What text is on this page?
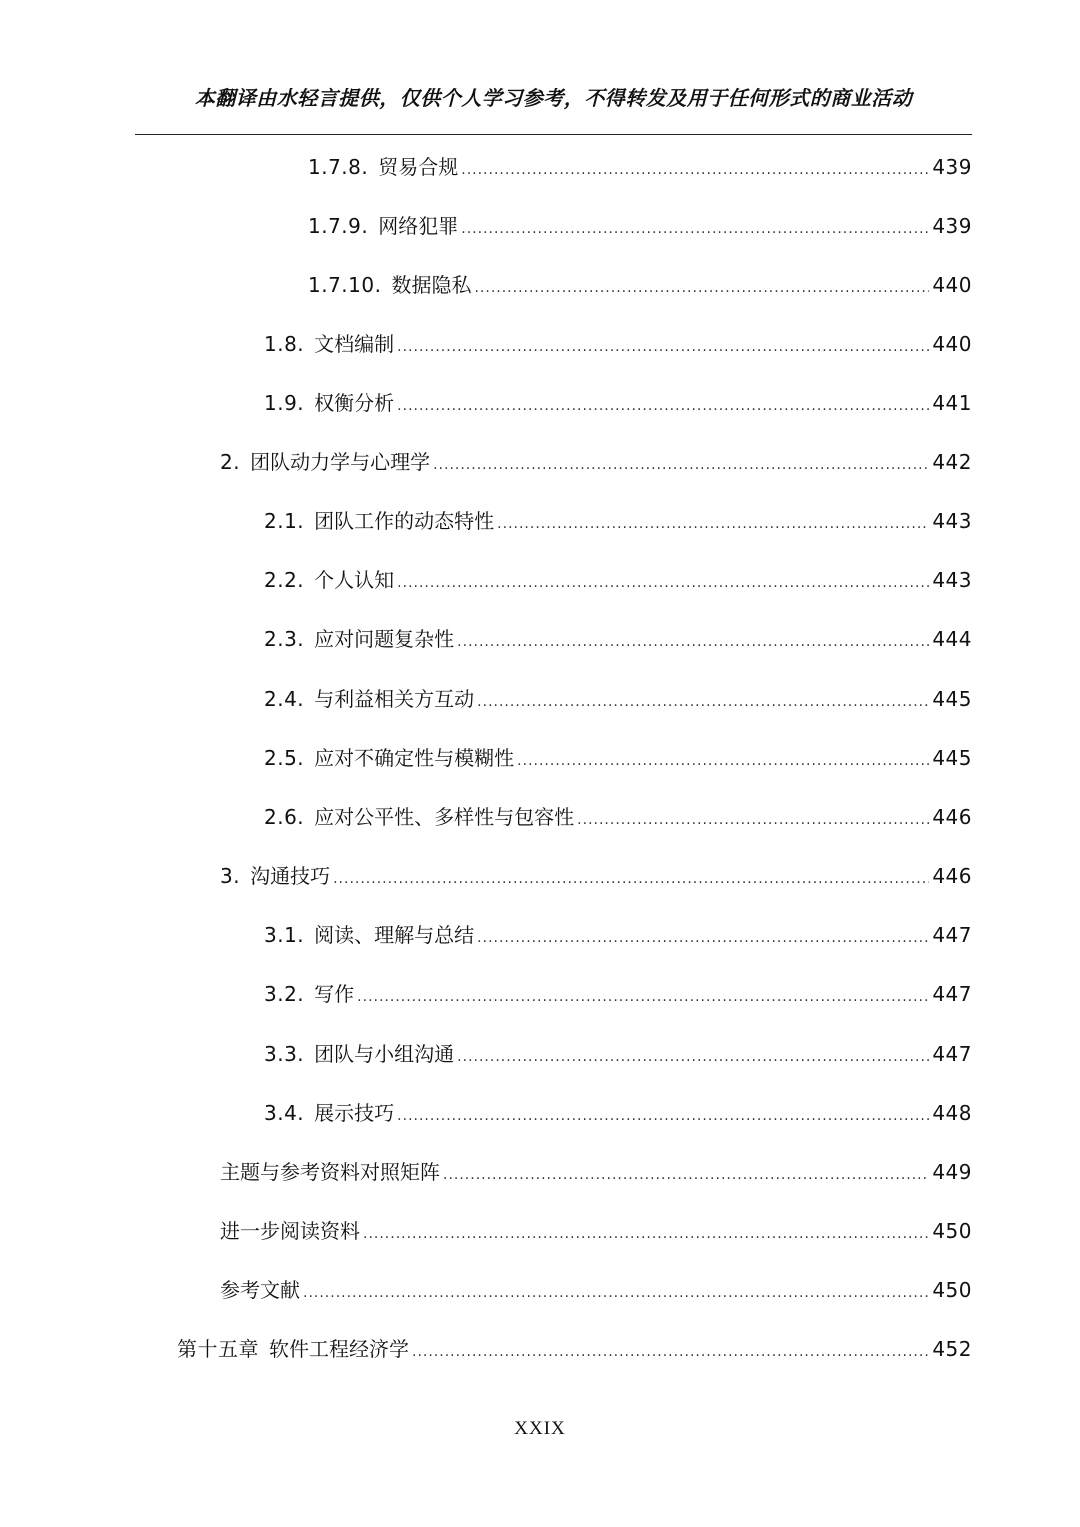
本翻译由水轻言提供，仅供个人学习参考，不得转发及用于任何形式的商业活动
1.7.8. 贸易合规 .....	439
1.7.9. 网络犯罪 .....	439
1.7.10. 数据隐私 .....	440
1.8. 文档编制 .....	440
1.9. 权衡分析 .....	441
2. 团队动力学与心理学 .....	442
2.1. 团队工作的动态特性 .....	443
2.2. 个人认知 .....	443
2.3. 应对问题复杂性 .....	444
2.4. 与利益相关方互动 .....	445
2.5. 应对不确定性与模糊性 .....	445
2.6. 应对公平性、多样性与包容性 .....	446
3. 沟通技巧 .....	446
3.1. 阅读、理解与总结 .....	447
3.2. 写作 .....	447
3.3. 团队与小组沟通 .....	447
3.4. 展示技巧 .....	448
主题与参考资料对照矩阵 .....	449
进一步阅读资料 .....	450
参考文献 .....	450
第十五章 软件工程经济学 .....	452
XXIX
